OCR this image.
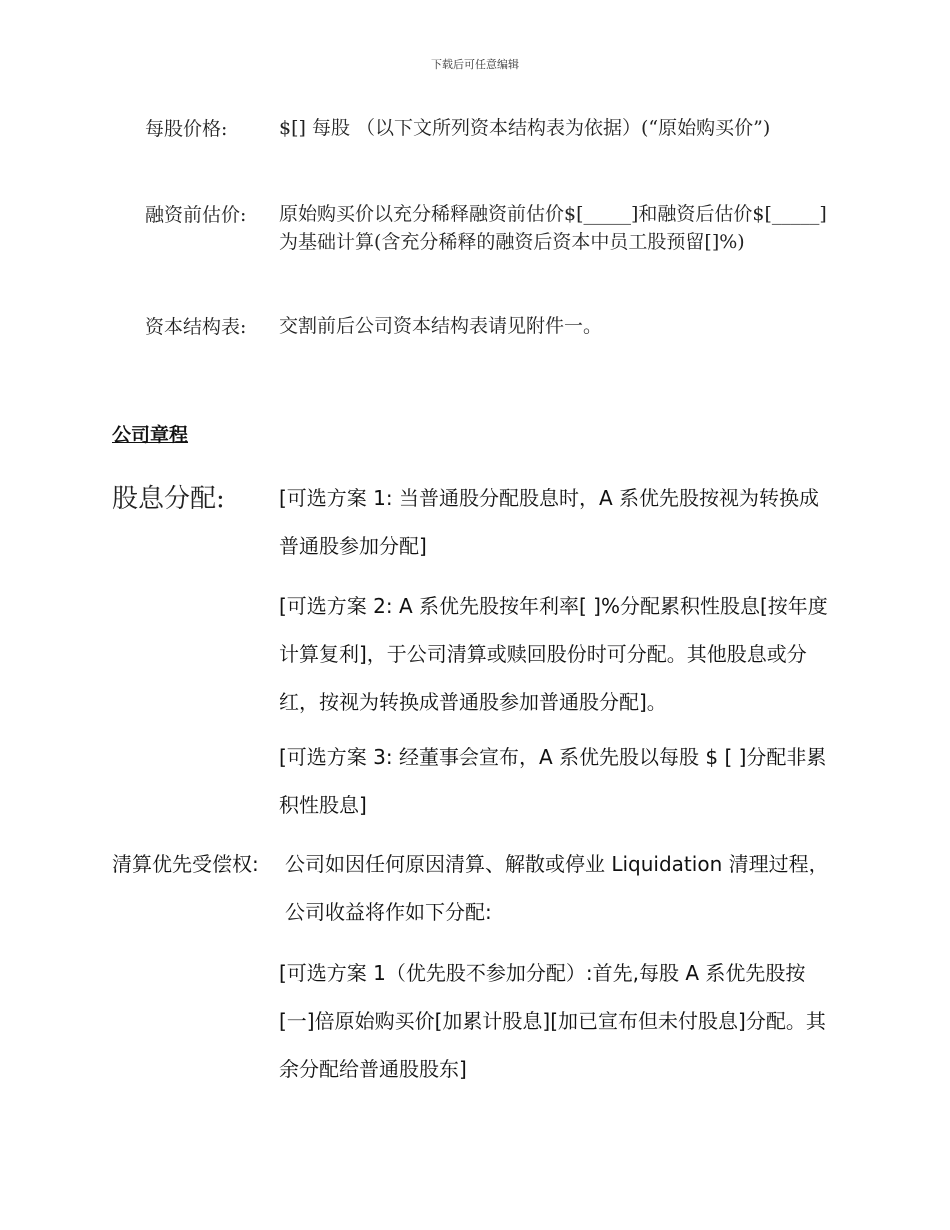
下载后可任意编辑
每股价格:	$[] 每股 （以下文所列资本结构表为依据）(“原始购买价”)
融资前估价: 原始购买价以充分稀释融资前估价$[_____]和融资后估价$[_____]为基础计算(含充分稀释的融资后资本中员工股预留[]%)
资本结构表: 交割前后公司资本结构表请见附件一。
公司章程
股息分配:	[可选方案 1: 当普通股分配股息时，A 系优先股按视为转换成普通股参加分配]
[可选方案 2: A 系优先股按年利率[ ]%分配累积性股息[按年度计算复利]，于公司清算或赎回股份时可分配。其他股息或分红，按视为转换成普通股参加普通股分配]。
[可选方案 3: 经董事会宣布，A 系优先股以每股 $ [ ]分配非累积性股息]
清算优先受偿权: 公司如因任何原因清算、解散或停业 Liquidation 清理过程，公司收益将作如下分配:
[可选方案 1（优先股不参加分配）:首先,每股 A 系优先股按[一]倍原始购买价[加累计股息][加已宣布但未付股息]分配。其余分配给普通股股东]
